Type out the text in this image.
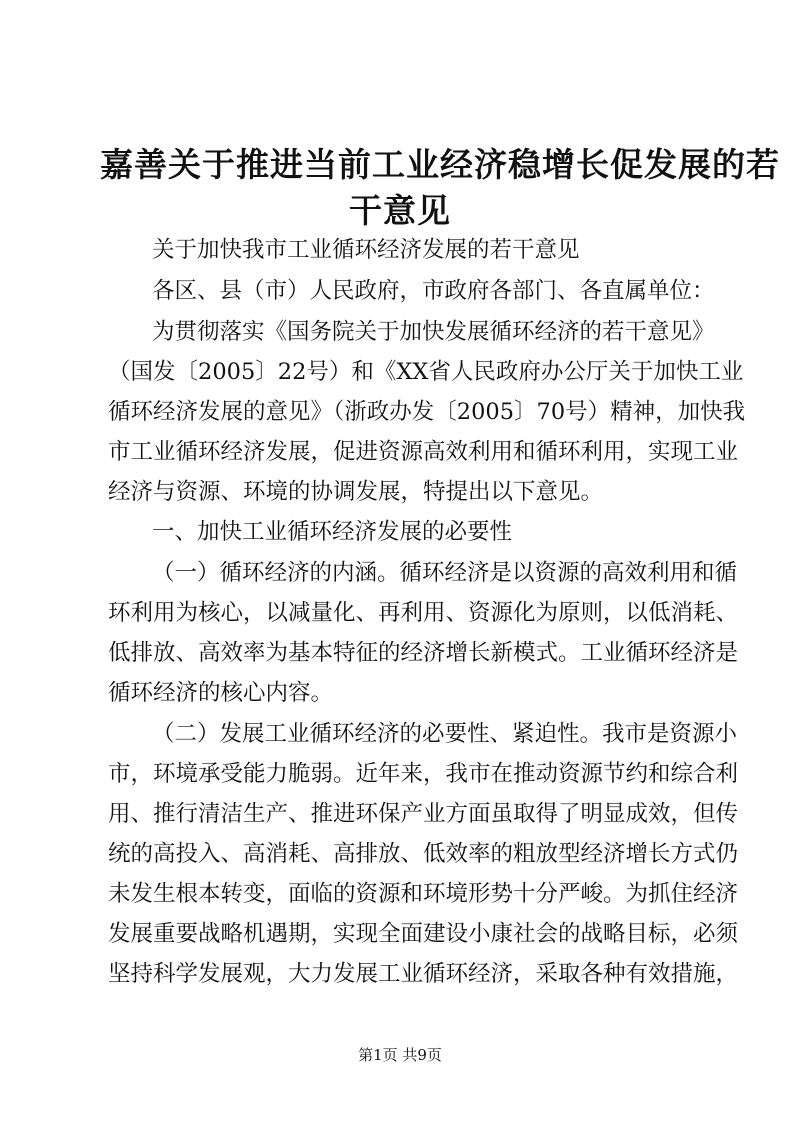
嘉善关于推进当前工业经济稳增长促发展的若
干意见
关于加快我市工业循环经济发展的若干意见
各区、县（市）人民政府，市政府各部门、各直属单位：
为贯彻落实《国务院关于加快发展循环经济的若干意见》
（国发〔2005〕22号）和《XX省人民政府办公厅关于加快工业
循环经济发展的意见》（浙政办发〔2005〕70号）精神，加快我
市工业循环经济发展，促进资源高效利用和循环利用，实现工业
经济与资源、环境的协调发展，特提出以下意见。
一、加快工业循环经济发展的必要性
（一）循环经济的内涵。循环经济是以资源的高效利用和循
环利用为核心，以减量化、再利用、资源化为原则，以低消耗、
低排放、高效率为基本特征的经济增长新模式。工业循环经济是
循环经济的核心内容。
（二）发展工业循环经济的必要性、紧迫性。我市是资源小
市，环境承受能力脆弱。近年来，我市在推动资源节约和综合利
用、推行清洁生产、推进环保产业方面虽取得了明显成效，但传
统的高投入、高消耗、高排放、低效率的粗放型经济增长方式仍
未发生根本转变，面临的资源和环境形势十分严峻。为抓住经济
发展重要战略机遇期，实现全面建设小康社会的战略目标，必须
坚持科学发展观，大力发展工业循环经济，采取各种有效措施，
第1页 共9页
